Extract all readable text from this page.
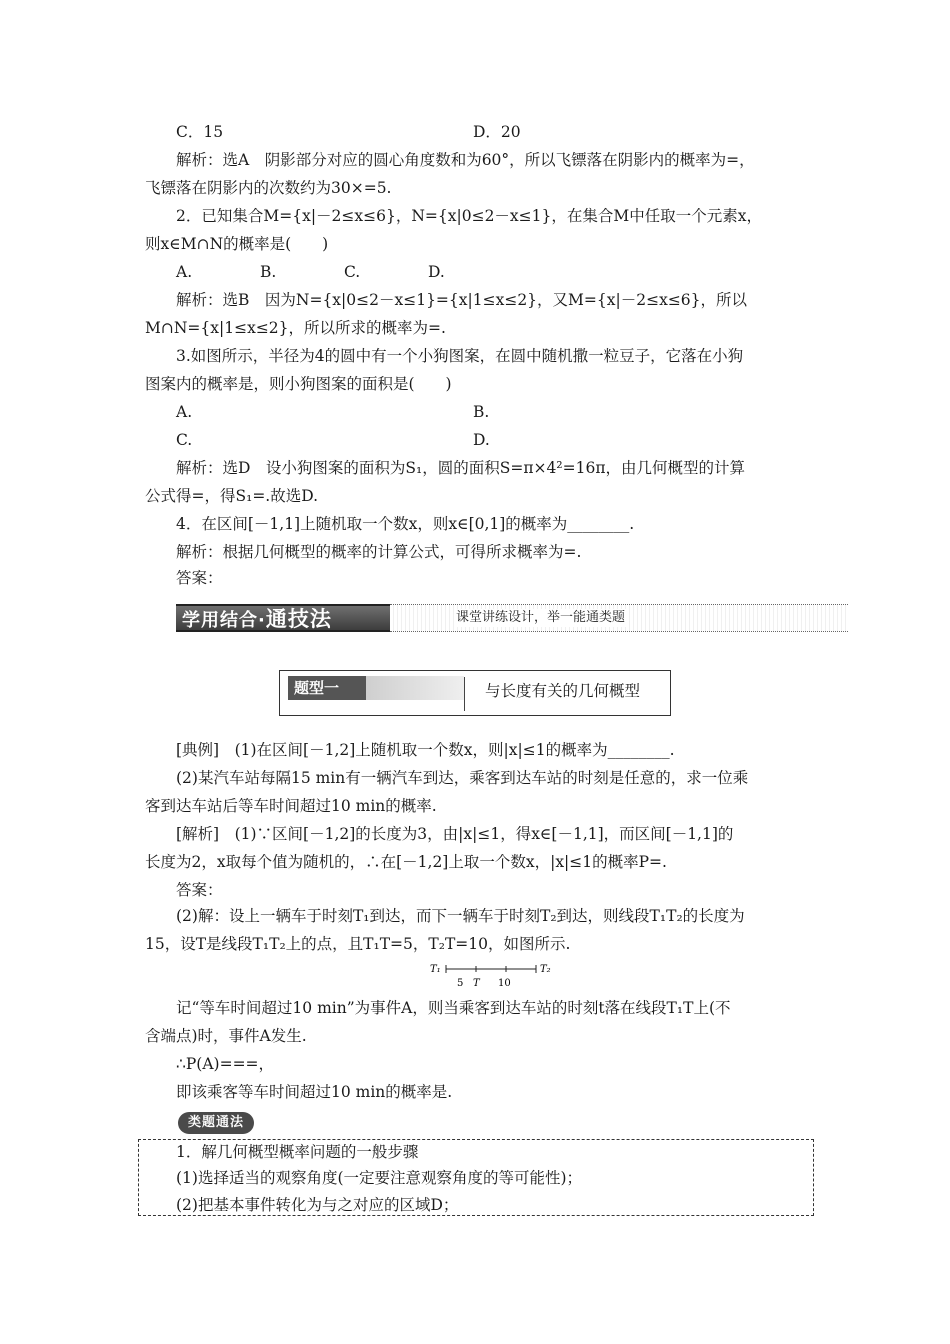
C．15	D．20
解析：选A　阴影部分对应的圆心角度数和为60°，所以飞镖落在阴影内的概率为=，
飞镖落在阴影内的次数约为30×=5.
2．已知集合M={x|－2≤x≤6}，N={x|0≤2－x≤1}，在集合M中任取一个元素x，
则x∈M∩N的概率是(　　)
A.	B.	C.	D.
解析：选B　因为N={x|0≤2－x≤1}={x|1≤x≤2}，又M={x|－2≤x≤6}，所以
M∩N={x|1≤x≤2}，所以所求的概率为=.
3.如图所示，半径为4的圆中有一个小狗图案，在圆中随机撒一粒豆子，它落在小狗
图案内的概率是，则小狗图案的面积是(　　)
A.	B.
C.	D.
解析：选D　设小狗图案的面积为S₁，圆的面积S=π×4²=16π，由几何概型的计算
公式得=，得S₁=.故选D.
4．在区间[－1,1]上随机取一个数x，则x∈[0,1]的概率为________.
解析：根据几何概型的概率的计算公式，可得所求概率为=.
答案：
学用结合·通技法	课堂讲练设计，举一能通类题
题型一	与长度有关的几何概型
[典例]　(1)在区间[－1,2]上随机取一个数x，则|x|≤1的概率为________.
(2)某汽车站每隔15 min有一辆汽车到达，乘客到达车站的时刻是任意的，求一位乘
客到达车站后等车时间超过10 min的概率.
[解析]　(1)∵区间[－1,2]的长度为3，由|x|≤1，得x∈[－1,1]，而区间[－1,1]的
长度为2，x取每个值为随机的，∴在[－1,2]上取一个数x，|x|≤1的概率P=.
答案：
(2)解：设上一辆车于时刻T₁到达，而下一辆车于时刻T₂到达，则线段T₁T₂的长度为
15，设T是线段T₁T₂上的点，且T₁T=5，T₂T=10，如图所示.
T₁	T₂
5 T 10
记“等车时间超过10 min”为事件A，则当乘客到达车站的时刻t落在线段T₁T上(不
含端点)时，事件A发生.
∴P(A)===，
即该乘客等车时间超过10 min的概率是.
类题通法
1．解几何概型概率问题的一般步骤
(1)选择适当的观察角度(一定要注意观察角度的等可能性)；
(2)把基本事件转化为与之对应的区域D；
